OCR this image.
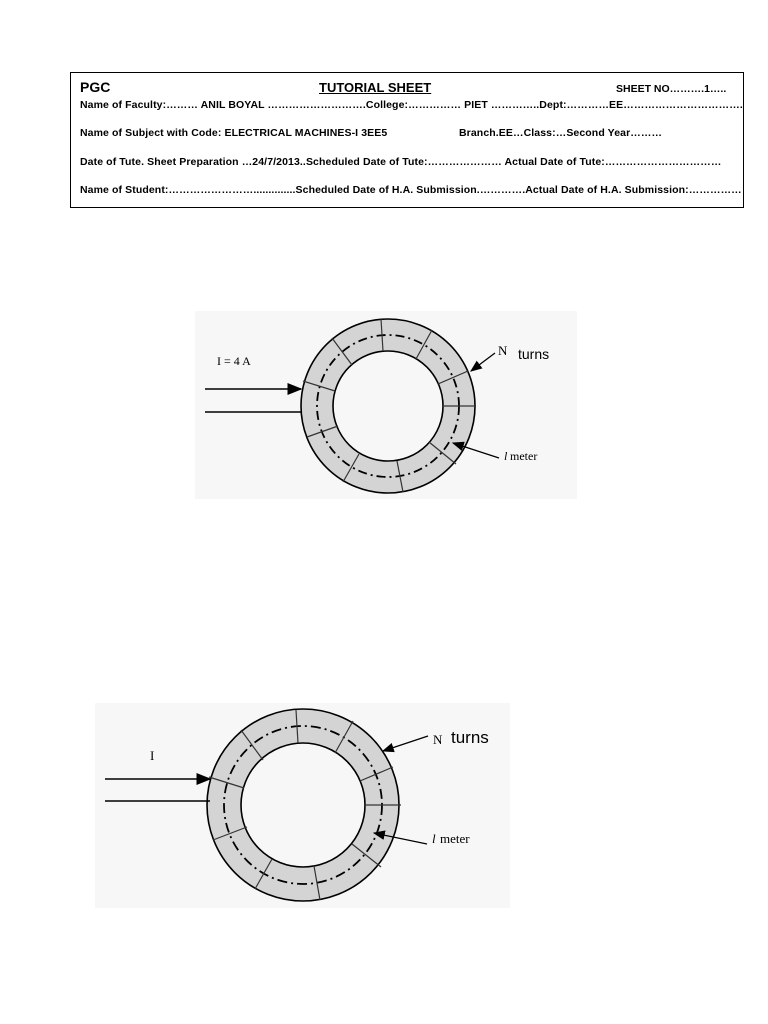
PGC	TUTORIAL SHEET	SHEET NO……….1…..
Name of Faculty:……… ANIL BOYAL ……………………….College:…………… PIET …………..Dept:…………EE…………………………….
Name of Subject with Code: ELECTRICAL MACHINES-I 3EE5	Branch.EE…Class:…Second Year………
Date of Tute. Sheet Preparation …24/7/2013..Scheduled Date of Tute:………………… Actual Date of Tute:……………………………
Name of Student:……………………..............Scheduled Date of H.A. Submission.………….Actual Date of H.A. Submission:……………
I = 4 A
N turns
l meter
I
N turns
l meter
